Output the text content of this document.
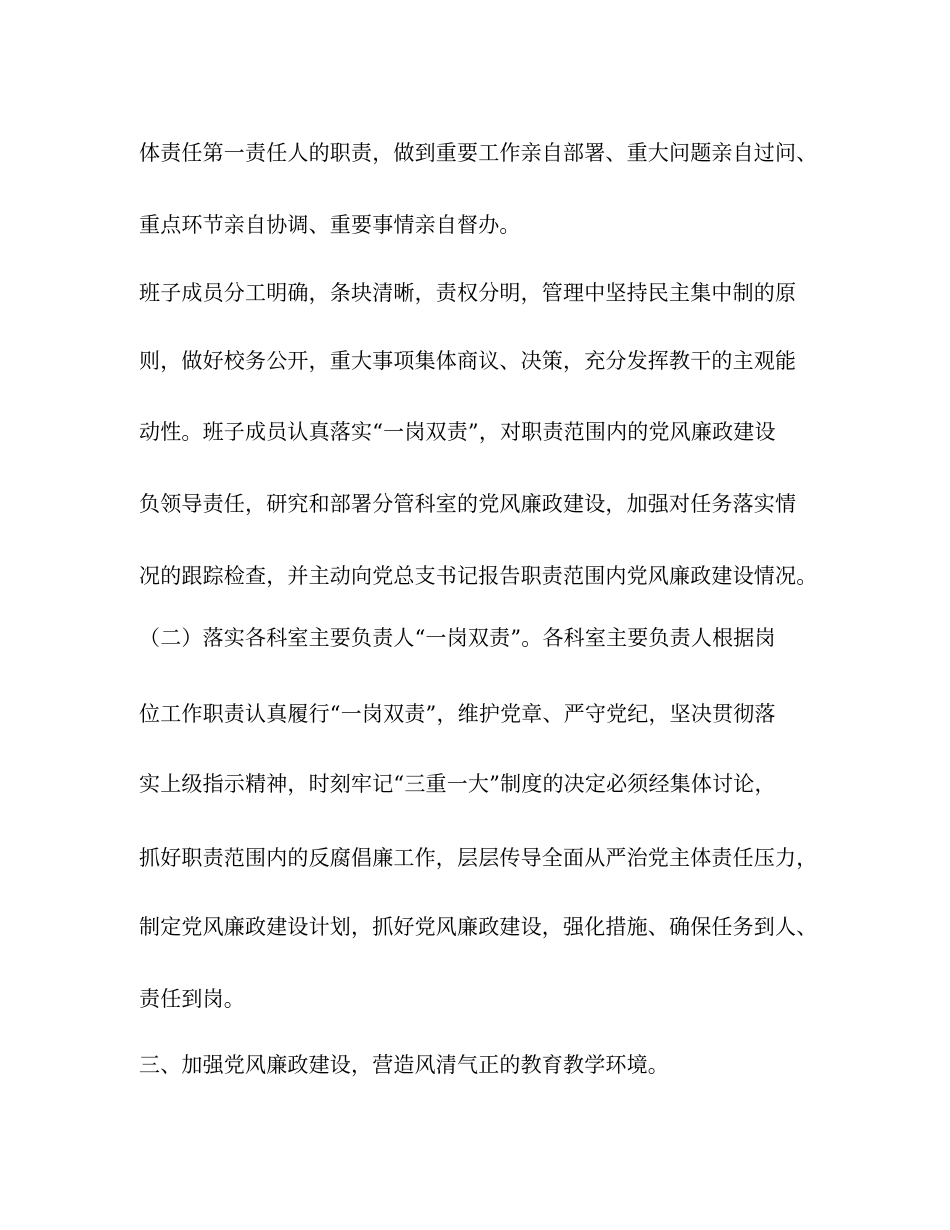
体责任第一责任人的职责，做到重要工作亲自部署、重大问题亲自过问、
重点环节亲自协调、重要事情亲自督办。
班子成员分工明确，条块清晰，责权分明，管理中坚持民主集中制的原
则，做好校务公开，重大事项集体商议、决策，充分发挥教干的主观能
动性。班子成员认真落实“一岗双责”，对职责范围内的党风廉政建设
负领导责任，研究和部署分管科室的党风廉政建设，加强对任务落实情
况的跟踪检查，并主动向党总支书记报告职责范围内党风廉政建设情况。
（二）落实各科室主要负责人“一岗双责”。各科室主要负责人根据岗
位工作职责认真履行“一岗双责”，维护党章、严守党纪，坚决贯彻落
实上级指示精神，时刻牢记“三重一大”制度的决定必须经集体讨论，
抓好职责范围内的反腐倡廉工作，层层传导全面从严治党主体责任压力，
制定党风廉政建设计划，抓好党风廉政建设，强化措施、确保任务到人、
责任到岗。
三、加强党风廉政建设，营造风清气正的教育教学环境。
